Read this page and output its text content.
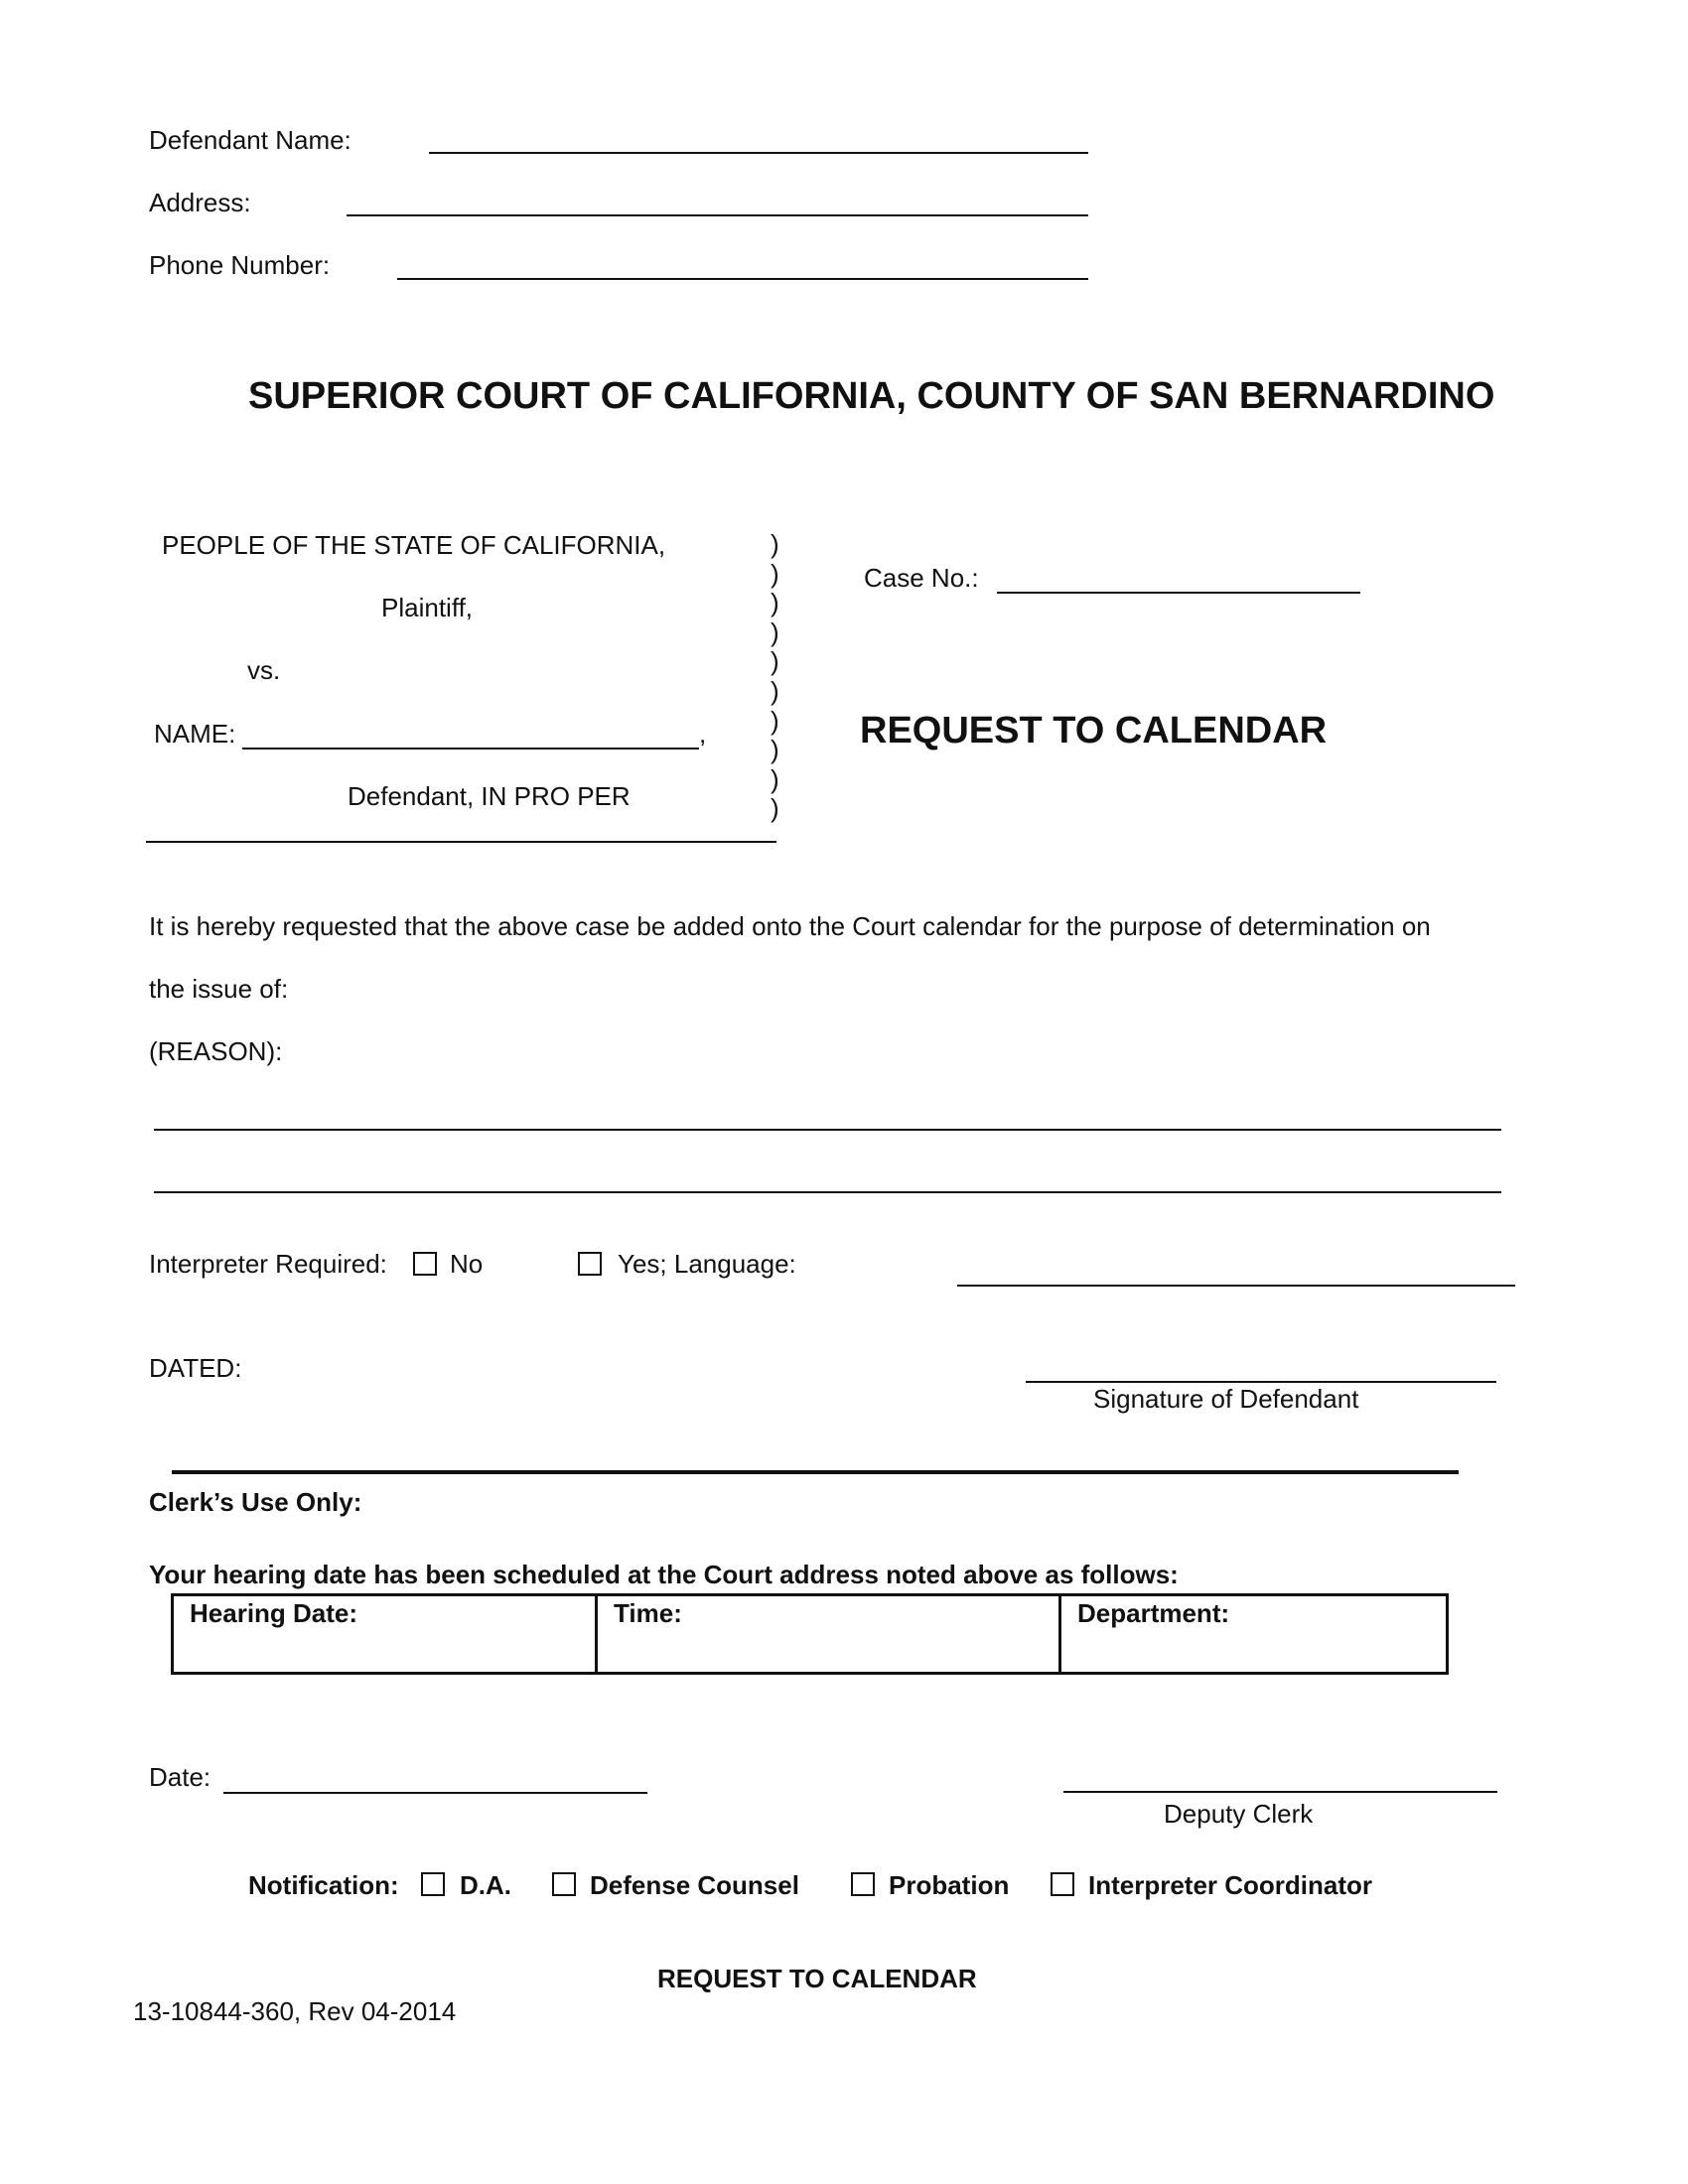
Defendant Name:
Address:
Phone Number:
SUPERIOR COURT OF CALIFORNIA, COUNTY OF SAN BERNARDINO
PEOPLE OF THE STATE OF CALIFORNIA,
Plaintiff,
vs.
NAME:	,
Defendant, IN PRO PER
)
)
)
)
)
)
)
)
)
)
Case No.:
REQUEST TO CALENDAR
It is hereby requested that the above case be added onto the Court calendar for the purpose of determination on
the issue of:
(REASON):
Interpreter Required: No	Yes; Language:
DATED:
Signature of Defendant
Clerk’s Use Only:
Your hearing date has been scheduled at the Court address noted above as follows:
Hearing Date:	Time:	Department:
Date:
Deputy Clerk
Notification: D.A.	Defense Counsel	Probation	Interpreter Coordinator
REQUEST TO CALENDAR
13-10844-360, Rev 04-2014
